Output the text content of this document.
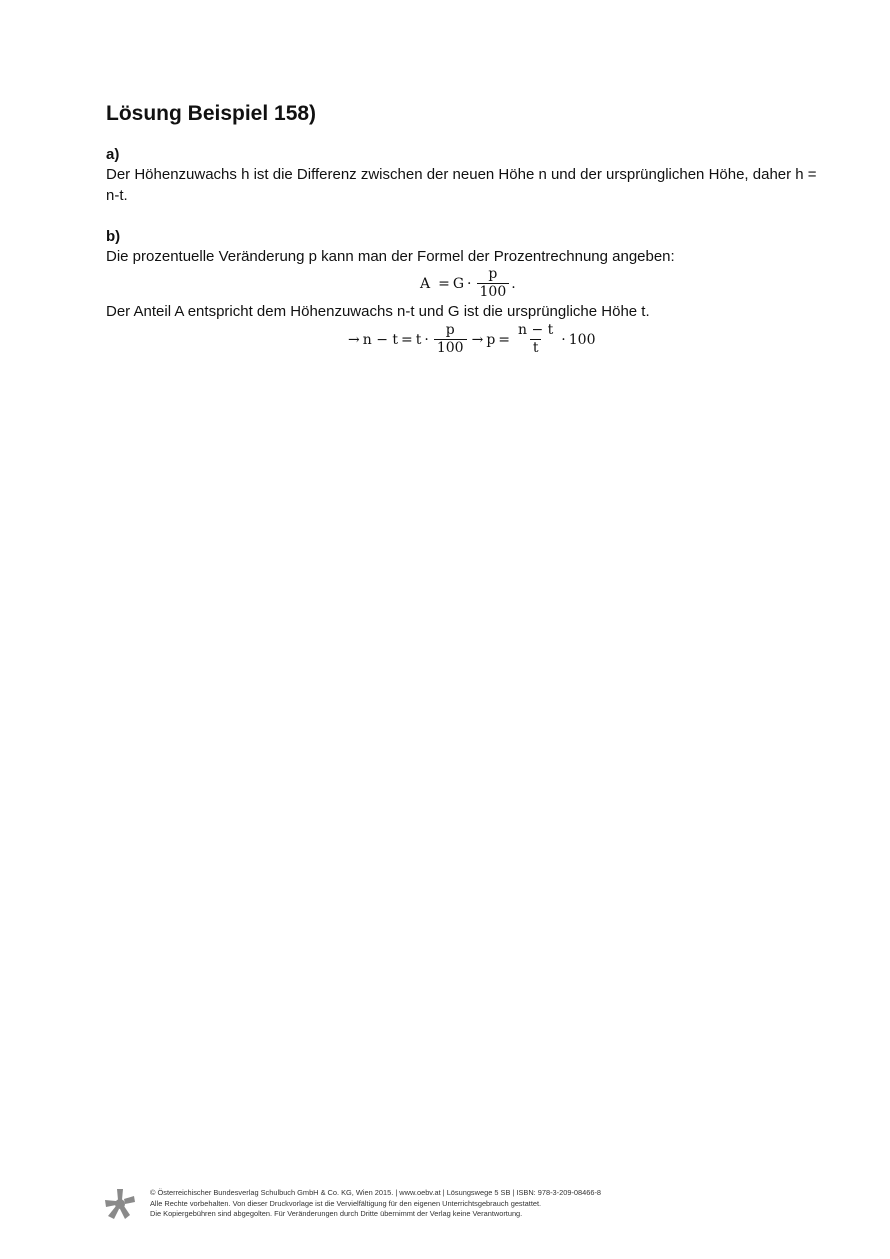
Lösung Beispiel 158)
a)

Der Höhenzuwachs h ist die Differenz zwischen der neuen Höhe n und der ursprünglichen Höhe, daher h = n-t.

b)

Die prozentuelle Veränderung p kann man der Formel der Prozentrechnung angeben:

$A = G \cdot \frac{p}{100}$ .

Der Anteil A entspricht dem Höhenzuwachs n-t und G ist die ursprüngliche Höhe t.

→ $n - t = t \cdot \frac{p}{100} \to p = \frac{n - t}{t} \cdot 100$
© Österreichischer Bundesverlag Schulbuch GmbH & Co. KG, Wien 2015. | www.oebv.at | Lösungswege 5 SB | ISBN: 978-3-209-08466-8
Alle Rechte vorbehalten. Von dieser Druckvorlage ist die Vervielfältigung für den eigenen Unterrichtsgebrauch gestattet.
Die Kopiergebühren sind abgegolten. Für Veränderungen durch Dritte übernimmt der Verlag keine Verantwortung.
